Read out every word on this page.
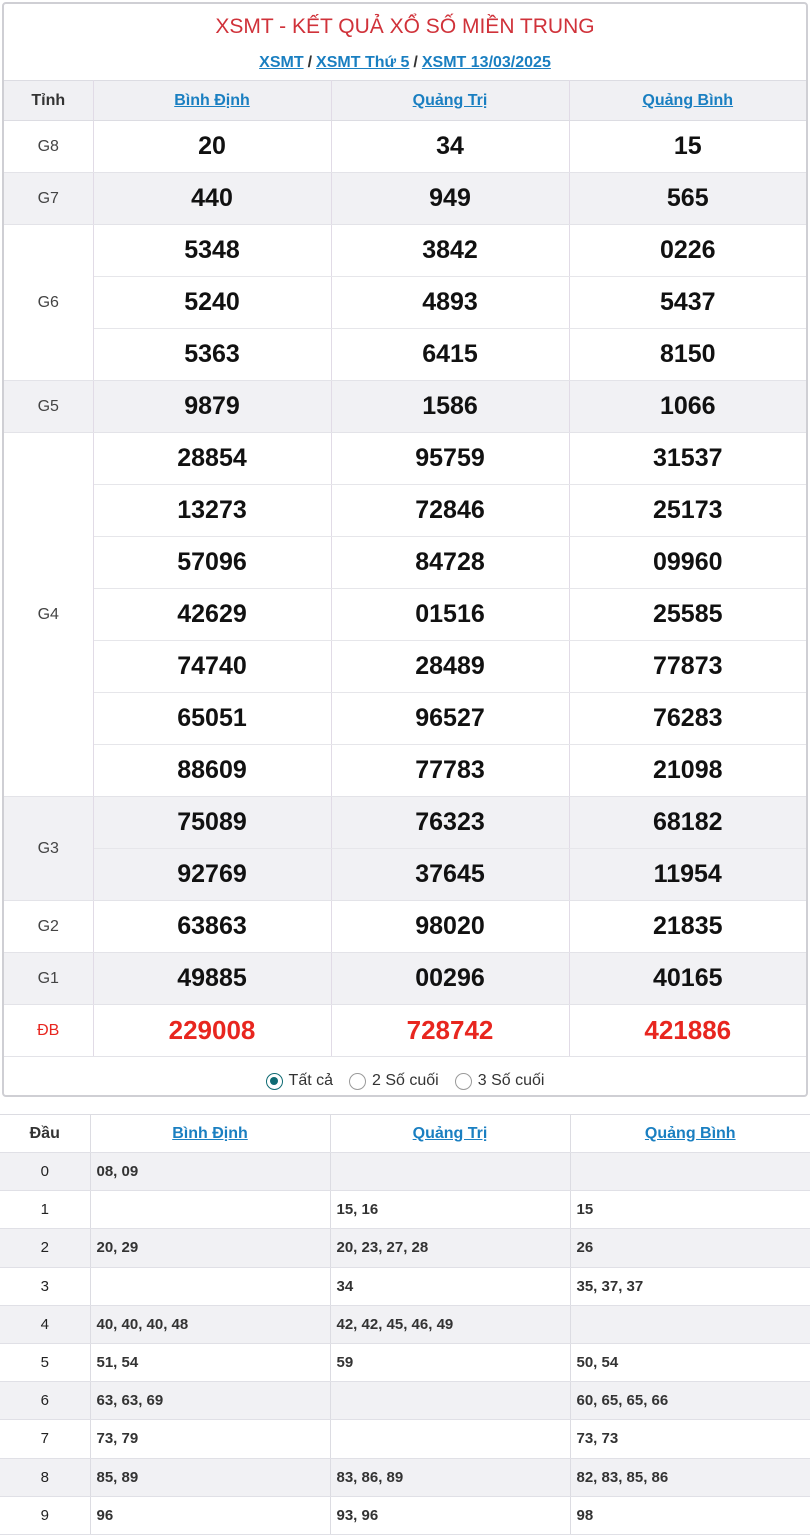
XSMT - KẾT QUẢ XỔ SỐ MIỀN TRUNG
XSMT / XSMT Thứ 5 / XSMT 13/03/2025
Tỉnh	Bình Định	Quảng Trị	Quảng Bình
G8	20	34	15
G7	440	949	565
G6	5348	3842	0226
	5240	4893	5437
	5363	6415	8150
G5	9879	1586	1066
G4	28854	95759	31537
	13273	72846	25173
	57096	84728	09960
	42629	01516	25585
	74740	28489	77873
	65051	96527	76283
	88609	77783	21098
G3	75089	76323	68182
	92769	37645	11954
G2	63863	98020	21835
G1	49885	00296	40165
ĐB	229008	728742	421886
Tất cả 2 Số cuối 3 Số cuối
Đầu	Bình Định	Quảng Trị	Quảng Bình
0	08, 09		
1		15, 16	15
2	20, 29	20, 23, 27, 28	26
3		34	35, 37, 37
4	40, 40, 40, 48	42, 42, 45, 46, 49	
5	51, 54	59	50, 54
6	63, 63, 69		60, 65, 65, 66
7	73, 79		73, 73
8	85, 89	83, 86, 89	82, 83, 85, 86
9	96	93, 96	98
